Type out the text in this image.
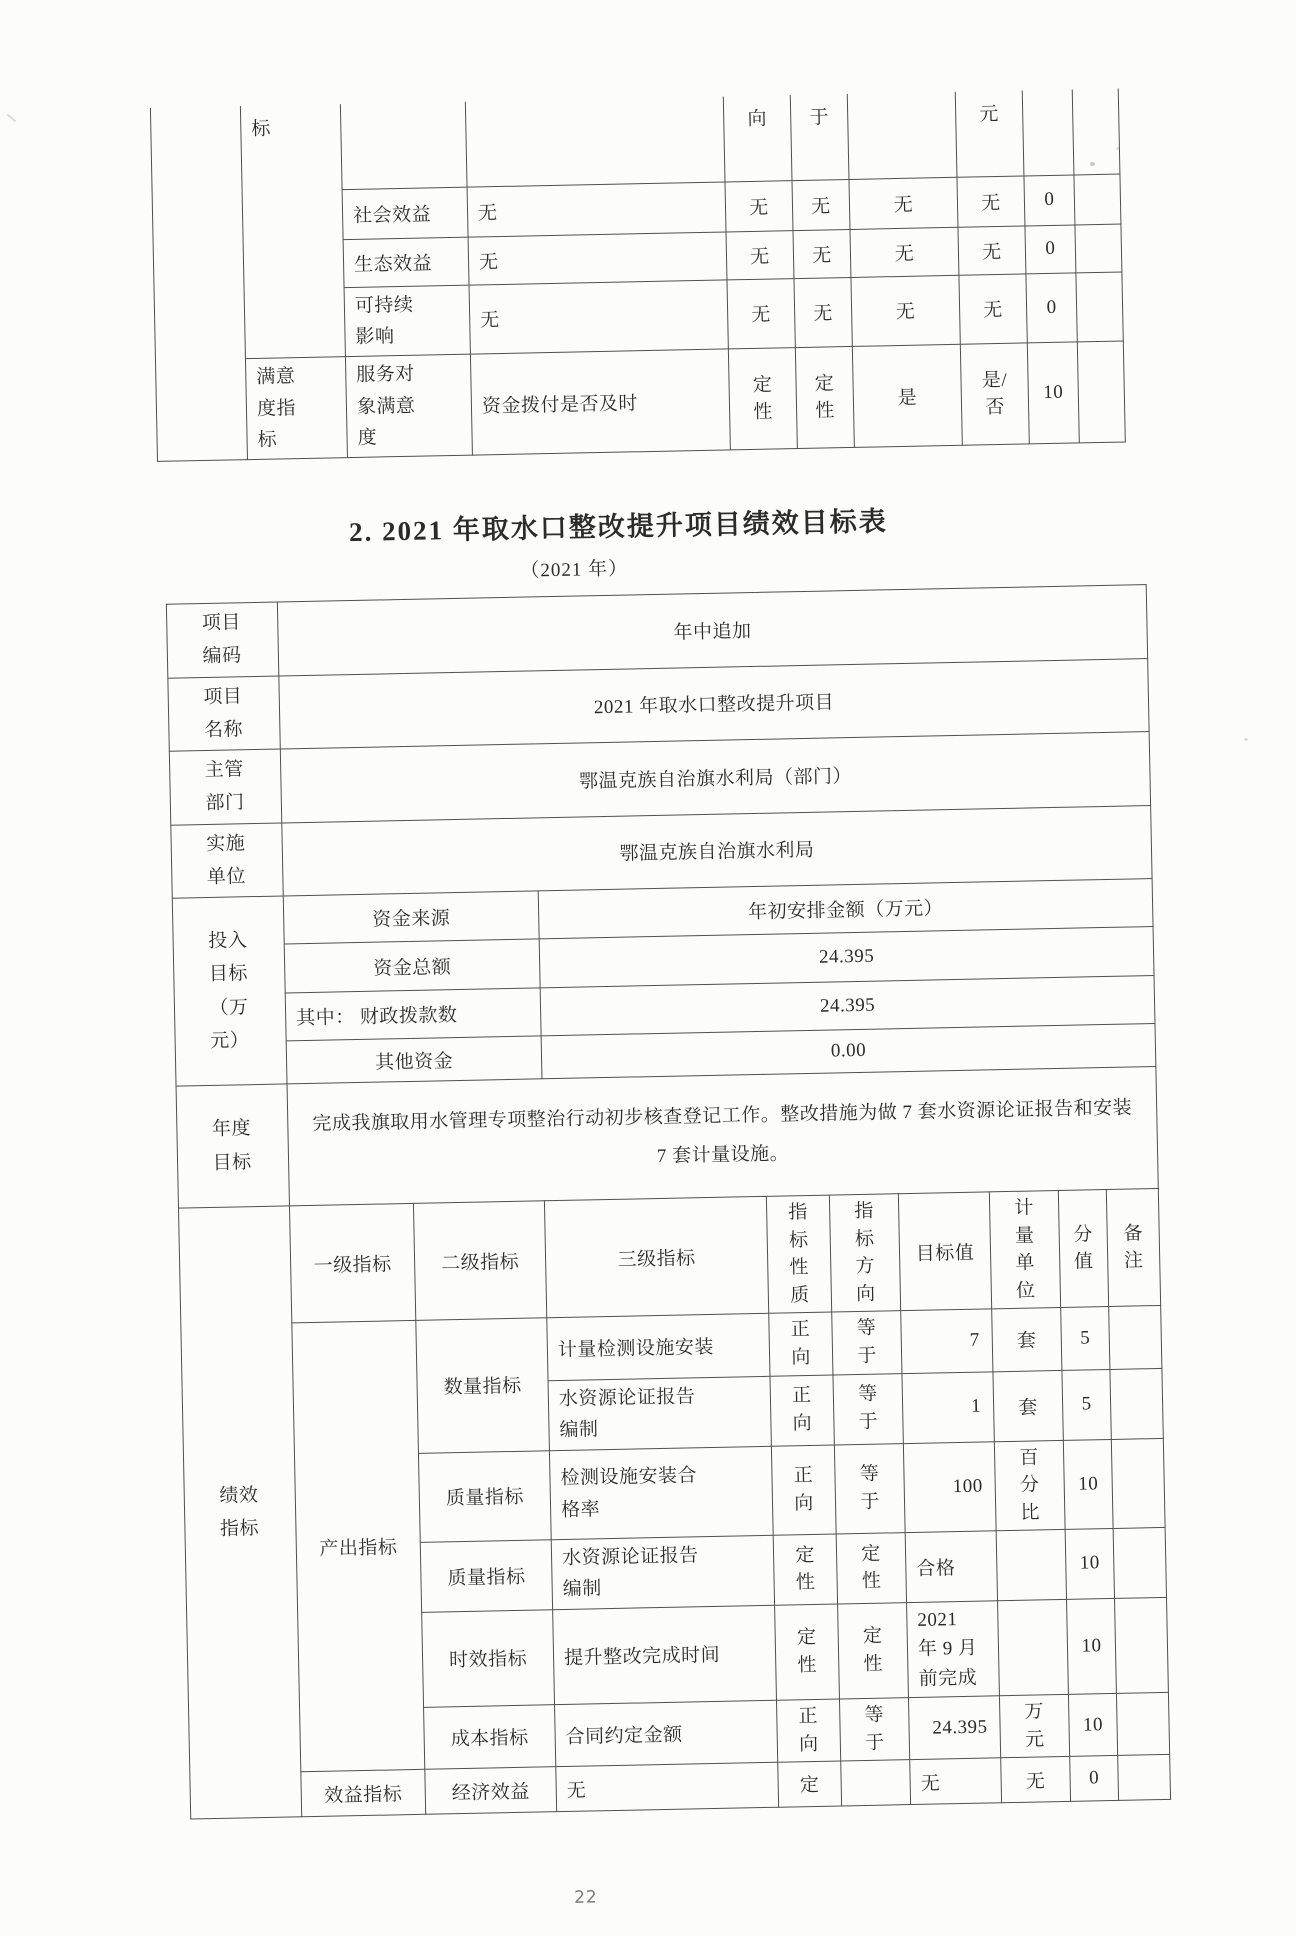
	标			向	于		元		
		社会效益	无	无	无	无	无	0	
		生态效益	无	无	无	无	无	0	
		可持续影响	无	无	无	无	无	0	
	满意度指标	服务对象满意度	资金拨付是否及时	定性	定性	是	是/否	10	
2. 2021 年取水口整改提升项目绩效目标表
（2021 年）
项目编码	年中追加								
项目名称	2021 年取水口整改提升项目								
主管部门	鄂温克族自治旗水利局（部门）								
实施单位	鄂温克族自治旗水利局								
投入目标（万元）	资金来源		年初安排金额（万元）						
	资金总额		24.395						
	其中： 财政拨款数		24.395						
	其他资金		0.00						
年度目标	完成我旗取用水管理专项整治行动初步核查登记工作。整改措施为做 7 套水资源论证报告和安装 7 套计量设施。								
绩效指标	一级指标	二级指标	三级指标	指标性质	指标方向	目标值	计量单位	分值	备注
	产出指标	数量指标	计量检测设施安装	正向	等于	7	套	5	
			水资源论证报告编制	正向	等于	1	套	5	
		质量指标	检测设施安装合格率	正向	等于	100	百分比	10	
		质量指标	水资源论证报告编制	定性	定性	合格		10	
		时效指标	提升整改完成时间	定性	定性	2021 年 9 月前完成		10	
		成本指标	合同约定金额	正向	等于	24.395	万元	10	
	效益指标	经济效益	无	定		无	无	0	
22
